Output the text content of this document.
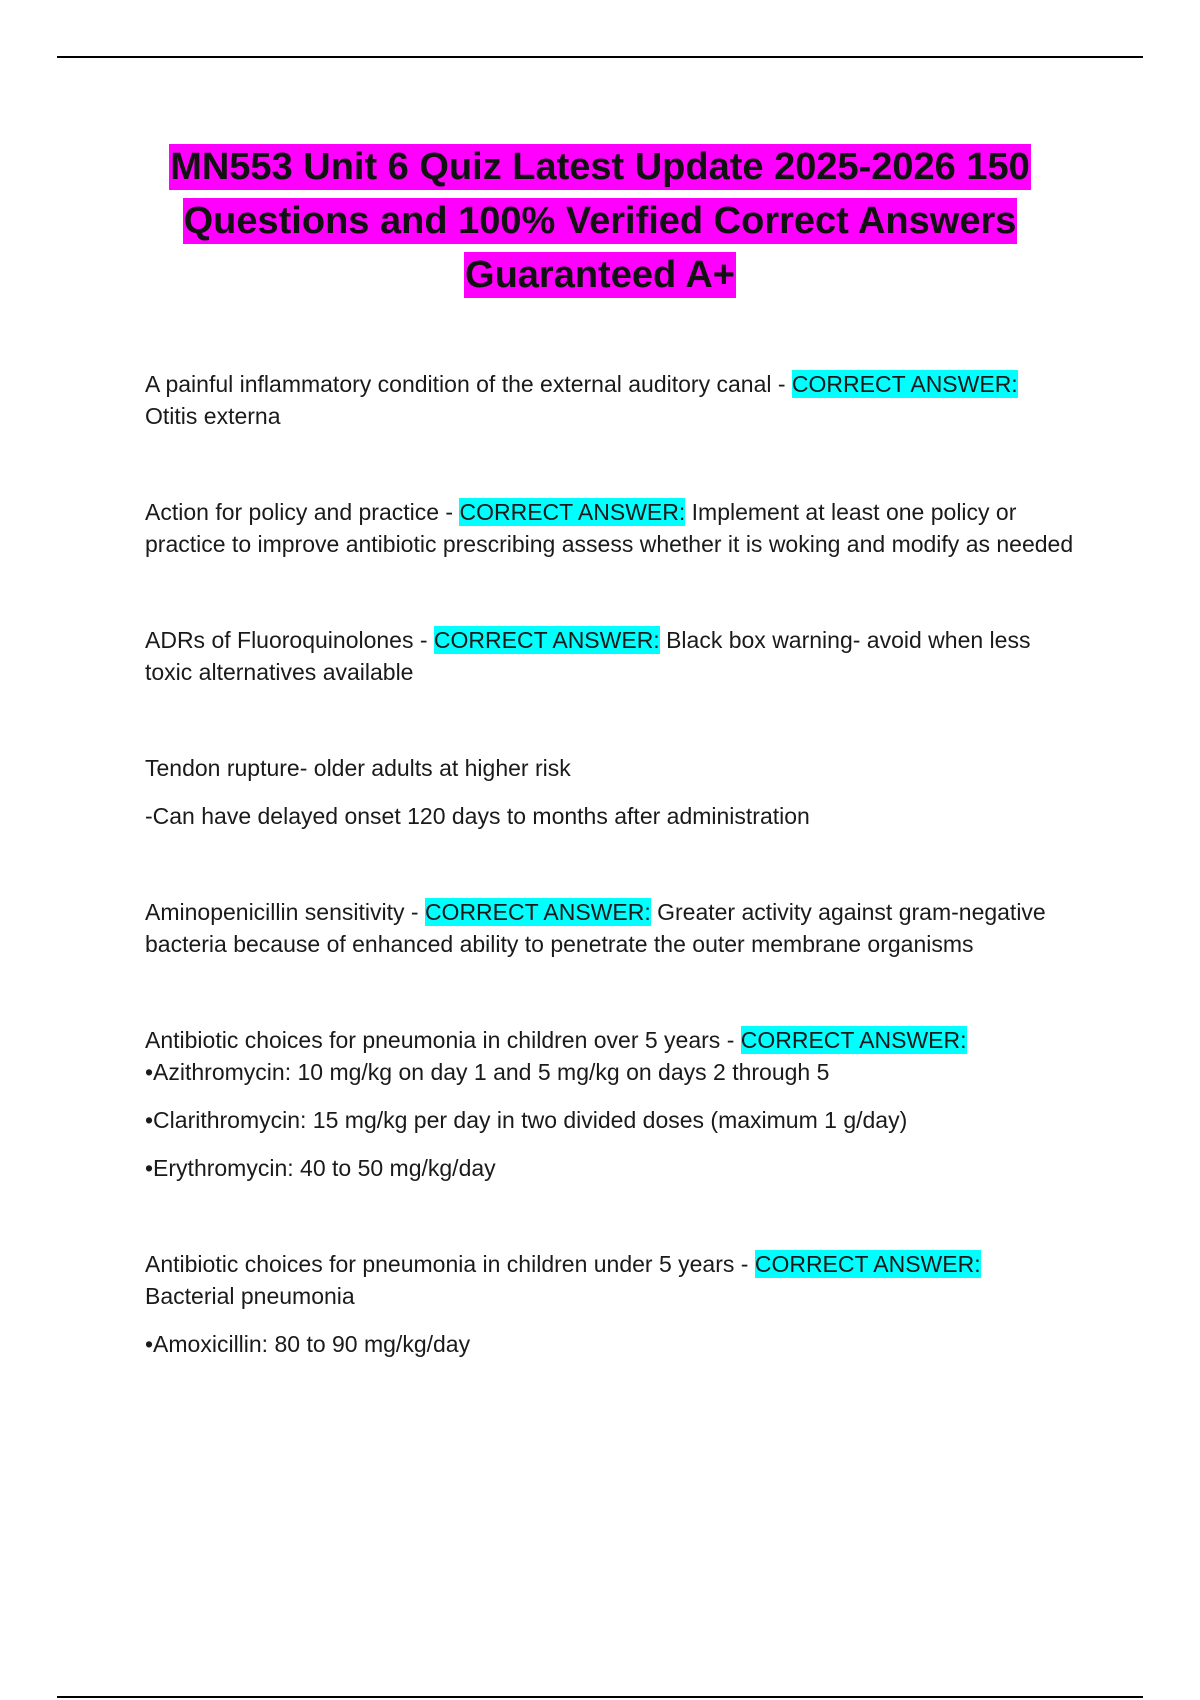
MN553 Unit 6 Quiz Latest Update 2025-2026 150 Questions and 100% Verified Correct Answers Guaranteed A+

A painful inflammatory condition of the external auditory canal - CORRECT ANSWER:
Otitis externa

Action for policy and practice - CORRECT ANSWER: Implement at least one policy or practice to improve antibiotic prescribing assess whether it is woking and modify as needed

ADRs of Fluoroquinolones - CORRECT ANSWER: Black box warning- avoid when less toxic alternatives available

Tendon rupture- older adults at higher risk

-Can have delayed onset 120 days to months after administration

Aminopenicillin sensitivity - CORRECT ANSWER: Greater activity against gram-negative bacteria because of enhanced ability to penetrate the outer membrane organisms

Antibiotic choices for pneumonia in children over 5 years - CORRECT ANSWER:
•Azithromycin: 10 mg/kg on day 1 and 5 mg/kg on days 2 through 5

•Clarithromycin: 15 mg/kg per day in two divided doses (maximum 1 g/day)

•Erythromycin: 40 to 50 mg/kg/day

Antibiotic choices for pneumonia in children under 5 years - CORRECT ANSWER:
Bacterial pneumonia

•Amoxicillin: 80 to 90 mg/kg/day
